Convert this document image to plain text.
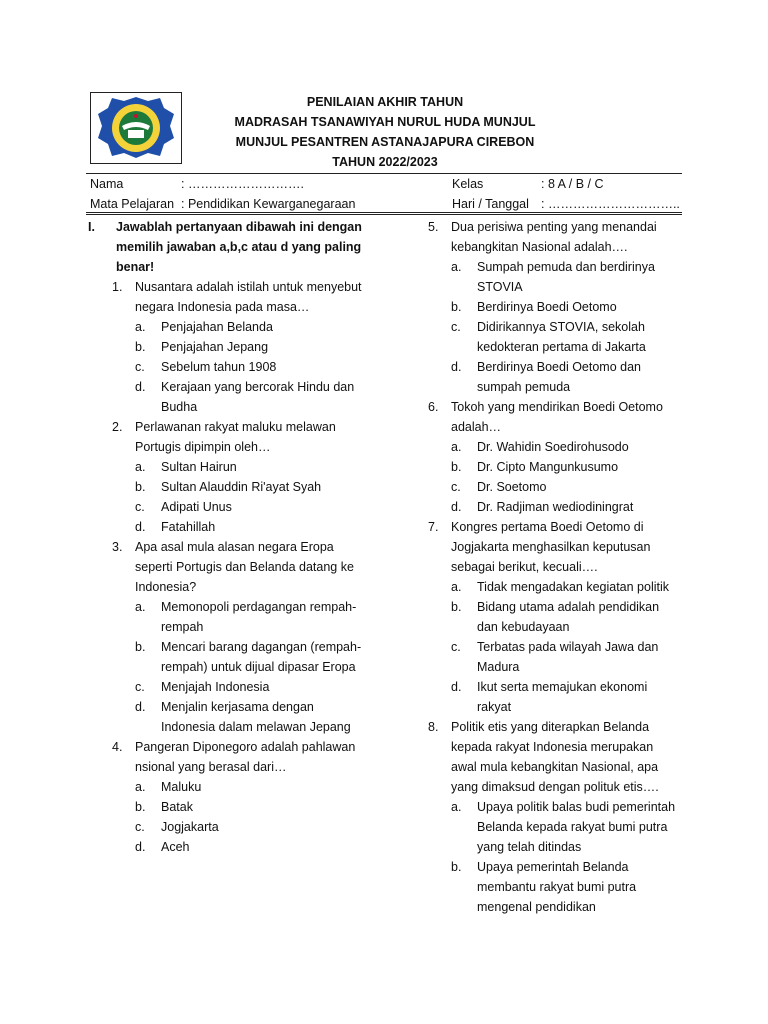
PENILAIAN AKHIR TAHUN
MADRASAH TSANAWIYAH NURUL HUDA MUNJUL
MUNJUL PESANTREN ASTANAJAPURA CIREBON
TAHUN 2022/2023
Nama	: ……………………….
Mata Pelajaran : Pendidikan Kewarganegaraan
Kelas	: 8 A / B / C
Hari / Tanggal : …………………………..
I. Jawablah pertanyaan dibawah ini dengan memilih jawaban a,b,c atau d yang paling benar!
1. Nusantara adalah istilah untuk menyebut negara Indonesia pada masa…
a. Penjajahan Belanda
b. Penjajahan Jepang
c. Sebelum tahun 1908
d. Kerajaan yang bercorak Hindu dan Budha
2. Perlawanan rakyat maluku melawan Portugis dipimpin oleh…
a. Sultan Hairun
b. Sultan Alauddin Ri'ayat Syah
c. Adipati Unus
d. Fatahillah
3. Apa asal mula alasan negara Eropa seperti Portugis dan Belanda datang ke Indonesia?
a. Memonopoli perdagangan rempah-rempah
b. Mencari barang dagangan (rempah-rempah) untuk dijual dipasar Eropa
c. Menjajah Indonesia
d. Menjalin kerjasama dengan Indonesia dalam melawan Jepang
4. Pangeran Diponegoro adalah pahlawan nsional yang berasal dari…
a. Maluku
b. Batak
c. Jogjakarta
d. Aceh
5. Dua perisiwa penting yang menandai kebangkitan Nasional adalah….
a. Sumpah pemuda dan berdirinya STOVIA
b. Berdirinya Boedi Oetomo
c. Didirikannya STOVIA, sekolah kedokteran pertama di Jakarta
d. Berdirinya Boedi Oetomo dan sumpah pemuda
6. Tokoh yang mendirikan Boedi Oetomo adalah…
a. Dr. Wahidin Soedirohusodo
b. Dr. Cipto Mangunkusumo
c. Dr. Soetomo
d. Dr. Radjiman wediodiningrat
7. Kongres pertama Boedi Oetomo di Jogjakarta menghasilkan keputusan sebagai berikut, kecuali….
a. Tidak mengadakan kegiatan politik
b. Bidang utama adalah pendidikan dan kebudayaan
c. Terbatas pada wilayah Jawa dan Madura
d. Ikut serta memajukan ekonomi rakyat
8. Politik etis yang diterapkan Belanda kepada rakyat Indonesia merupakan awal mula kebangkitan Nasional, apa yang dimaksud dengan polituk etis….
a. Upaya politik balas budi pemerintah Belanda kepada rakyat bumi putra yang telah ditindas
b. Upaya pemerintah Belanda membantu rakyat bumi putra mengenal pendidikan
